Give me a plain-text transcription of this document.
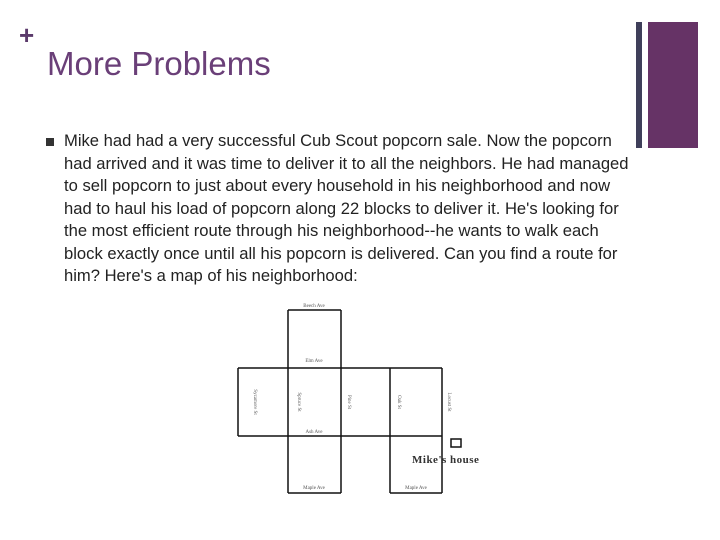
+
More Problems

Mike had had a very successful Cub Scout popcorn sale. Now the popcorn had arrived and it was time to deliver it to all the neighbors. He had managed to sell popcorn to just about every household in his neighborhood and now had to haul his load of popcorn along 22 blocks to deliver it. He's looking for the most efficient route through his neighborhood--he wants to walk each block exactly once until all his popcorn is delivered. Can you find a route for him? Here's a map of his neighborhood:

Beech Ave
Elm Ave
Ash Ave
Maple Ave	Maple Ave
Sycamore St	Spruce St	Pine St	Oak St	Locust St
Mike's house
